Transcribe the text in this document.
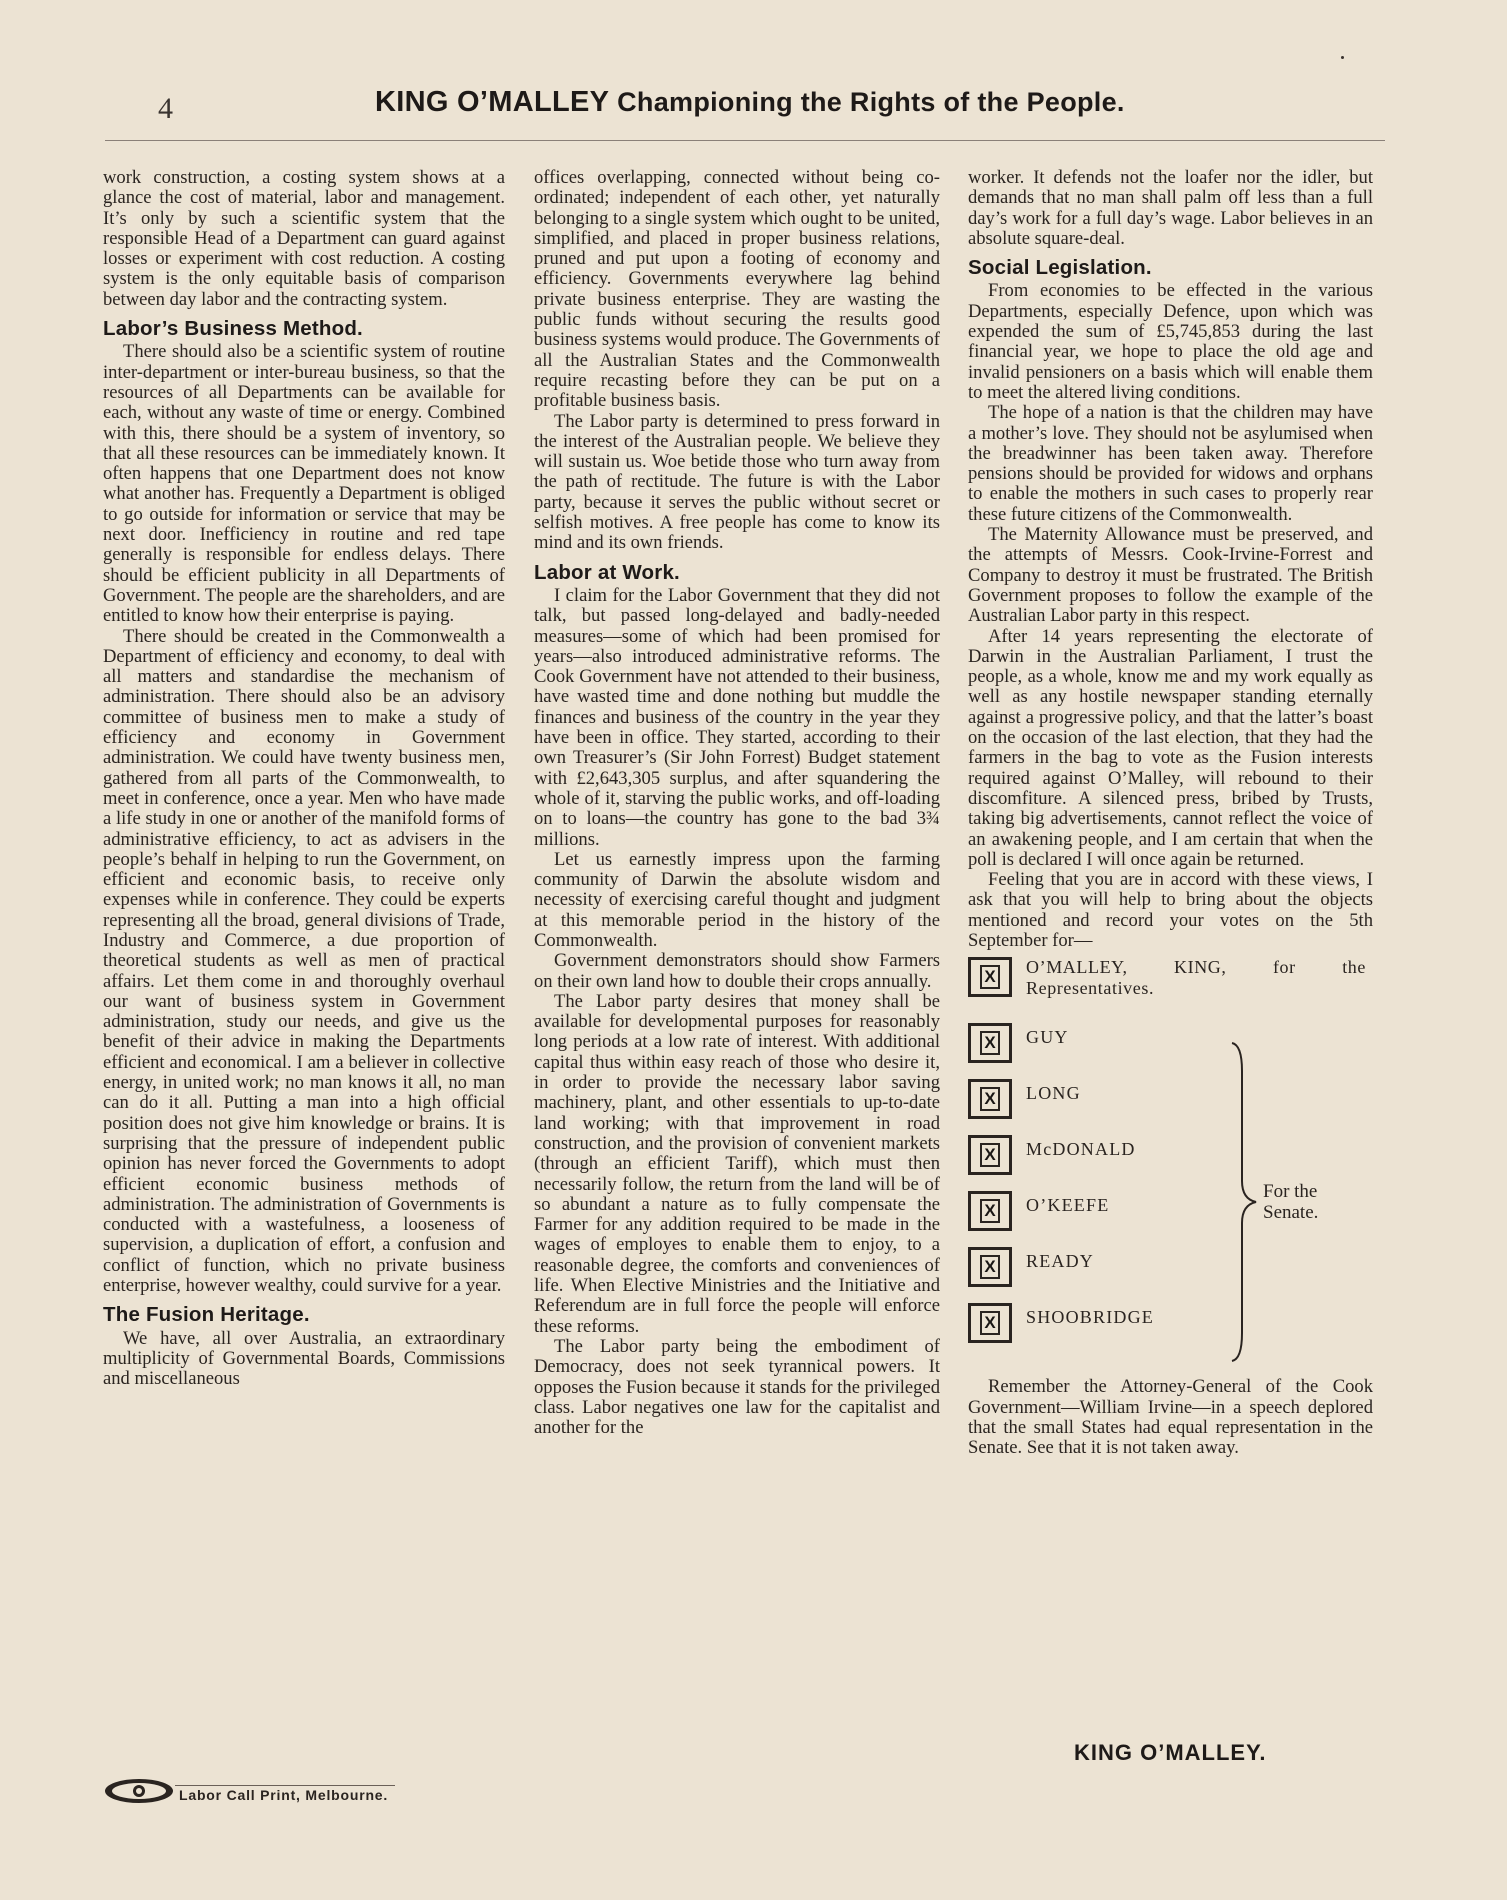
4	KING O’MALLEY Championing the Rights of the People.

work construction, a costing system shows at a glance the cost of material, labor and management. It’s only by such a scientific system that the responsible Head of a Department can guard against losses or experiment with cost reduction. A costing system is the only equitable basis of comparison between day labor and the contracting system.

Labor’s Business Method.

There should also be a scientific system of routine inter-department or inter-bureau business, so that the resources of all Departments can be available for each, without any waste of time or energy. Combined with this, there should be a system of inventory, so that all these resources can be immediately known. It often happens that one Department does not know what another has. Frequently a Department is obliged to go outside for information or service that may be next door. Inefficiency in routine and red tape generally is responsible for endless delays. There should be efficient publicity in all Departments of Government. The people are the shareholders, and are entitled to know how their enterprise is paying.

There should be created in the Commonwealth a Department of efficiency and economy, to deal with all matters and standardise the mechanism of administration. There should also be an advisory committee of business men to make a study of efficiency and economy in Government administration. We could have twenty business men, gathered from all parts of the Commonwealth, to meet in conference, once a year. Men who have made a life study in one or another of the manifold forms of administrative efficiency, to act as advisers in the people’s behalf in helping to run the Government, on efficient and economic basis, to receive only expenses while in conference. They could be experts representing all the broad, general divisions of Trade, Industry and Commerce, a due proportion of theoretical students as well as men of practical affairs. Let them come in and thoroughly overhaul our want of business system in Government administration, study our needs, and give us the benefit of their advice in making the Departments efficient and economical. I am a believer in collective energy, in united work; no man knows it all, no man can do it all. Putting a man into a high official position does not give him knowledge or brains. It is surprising that the pressure of independent public opinion has never forced the Governments to adopt efficient economic business methods of administration. The administration of Governments is conducted with a wastefulness, a looseness of supervision, a duplication of effort, a confusion and conflict of function, which no private business enterprise, however wealthy, could survive for a year.

The Fusion Heritage.

We have, all over Australia, an extraordinary multiplicity of Governmental Boards, Commissions and miscellaneous

offices overlapping, connected without being co-ordinated; independent of each other, yet naturally belonging to a single system which ought to be united, simplified, and placed in proper business relations, pruned and put upon a footing of economy and efficiency. Governments everywhere lag behind private business enterprise. They are wasting the public funds without securing the results good business systems would produce. The Governments of all the Australian States and the Commonwealth require recasting before they can be put on a profitable business basis.

The Labor party is determined to press forward in the interest of the Australian people. We believe they will sustain us. Woe betide those who turn away from the path of rectitude. The future is with the Labor party, because it serves the public without secret or selfish motives. A free people has come to know its mind and its own friends.

Labor at Work.

I claim for the Labor Government that they did not talk, but passed long-delayed and badly-needed measures—some of which had been promised for years—also introduced administrative reforms. The Cook Government have not attended to their business, have wasted time and done nothing but muddle the finances and business of the country in the year they have been in office. They started, according to their own Treasurer’s (Sir John Forrest) Budget statement with £2,643,305 surplus, and after squandering the whole of it, starving the public works, and off-loading on to loans—the country has gone to the bad 3¾ millions.

Let us earnestly impress upon the farming community of Darwin the absolute wisdom and necessity of exercising careful thought and judgment at this memorable period in the history of the Commonwealth.

Government demonstrators should show Farmers on their own land how to double their crops annually.

The Labor party desires that money shall be available for developmental purposes for reasonably long periods at a low rate of interest. With additional capital thus within easy reach of those who desire it, in order to provide the necessary labor saving machinery, plant, and other essentials to up-to-date land working; with that improvement in road construction, and the provision of convenient markets (through an efficient Tariff), which must then necessarily follow, the return from the land will be of so abundant a nature as to fully compensate the Farmer for any addition required to be made in the wages of employes to enable them to enjoy, to a reasonable degree, the comforts and conveniences of life. When Elective Ministries and the Initiative and Referendum are in full force the people will enforce these reforms.

The Labor party being the embodiment of Democracy, does not seek tyrannical powers. It opposes the Fusion because it stands for the privileged class. Labor negatives one law for the capitalist and another for the

worker. It defends not the loafer nor the idler, but demands that no man shall palm off less than a full day’s work for a full day’s wage. Labor believes in an absolute square-deal.

Social Legislation.

From economies to be effected in the various Departments, especially Defence, upon which was expended the sum of £5,745,853 during the last financial year, we hope to place the old age and invalid pensioners on a basis which will enable them to meet the altered living conditions.

The hope of a nation is that the children may have a mother’s love. They should not be asylumised when the breadwinner has been taken away. Therefore pensions should be provided for widows and orphans to enable the mothers in such cases to properly rear these future citizens of the Commonwealth.

The Maternity Allowance must be preserved, and the attempts of Messrs. Cook-Irvine-Forrest and Company to destroy it must be frustrated. The British Government proposes to follow the example of the Australian Labor party in this respect.

After 14 years representing the electorate of Darwin in the Australian Parliament, I trust the people, as a whole, know me and my work equally as well as any hostile newspaper standing eternally against a progressive policy, and that the latter’s boast on the occasion of the last election, that they had the farmers in the bag to vote as the Fusion interests required against O’Malley, will rebound to their discomfiture. A silenced press, bribed by Trusts, taking big advertisements, cannot reflect the voice of an awakening people, and I am certain that when the poll is declared I will once again be returned.

Feeling that you are in accord with these views, I ask that you will help to bring about the objects mentioned and record your votes on the 5th September for—

X O’MALLEY, KING, for the Representatives.
X GUY
X LONG
X McDONALD
X O’KEEFE
X READY
X SHOOBRIDGE
For the Senate.

Remember the Attorney-General of the Cook Government—William Irvine—in a speech deplored that the small States had equal representation in the Senate. See that it is not taken away.

KING O’MALLEY.
Labor Call Print, Melbourne.
